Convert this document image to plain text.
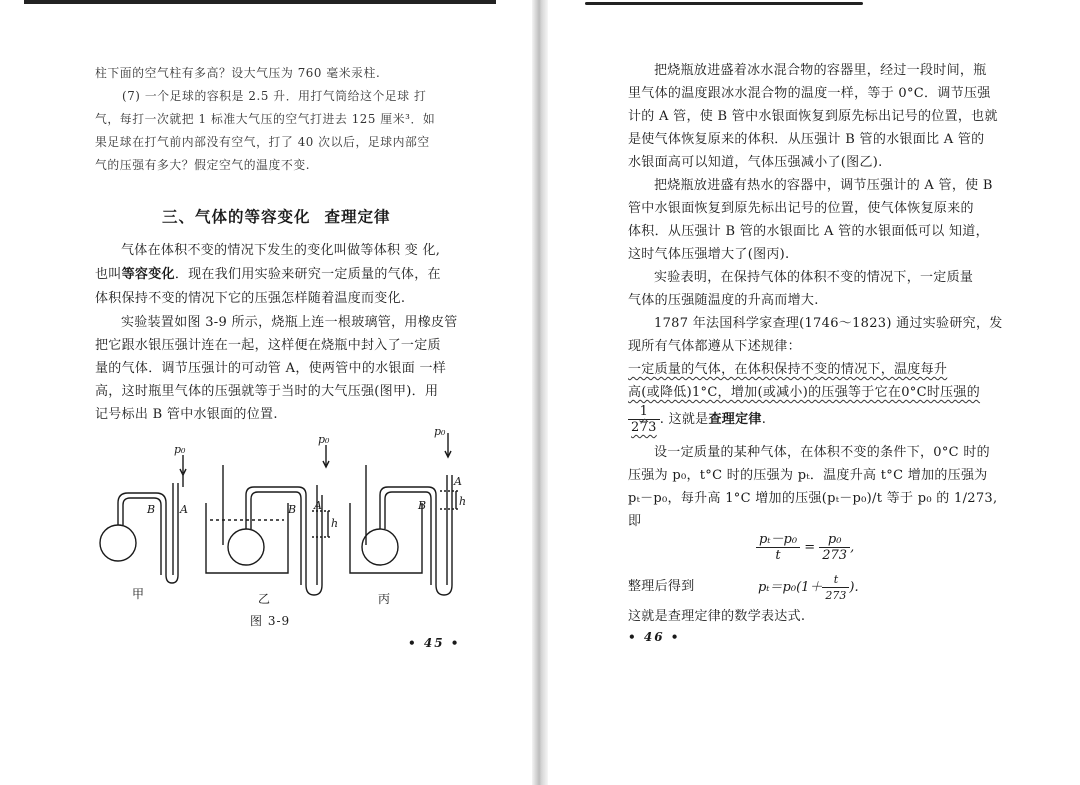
柱下面的空气柱有多高？设大气压为 760 毫米汞柱.
(7) 一个足球的容积是 2.5 升．用打气筒给这个足球 打
气，每打一次就把 1 标准大气压的空气打进去 125 厘米³．如
果足球在打气前内部没有空气，打了 40 次以后，足球内部空
气的压强有多大？假定空气的温度不变.
三、气体的等容变化 查理定律
气体在体积不变的情况下发生的变化叫做等体积 变 化,
也叫等容变化．现在我们用实验来研究一定质量的气体，在
体积保持不变的情况下它的压强怎样随着温度而变化.
实验装置如图 3-9 所示，烧瓶上连一根玻璃管，用橡皮管
把它跟水银压强计连在一起，这样便在烧瓶中封入了一定质
量的气体．调节压强计的可动管 A，使两管中的水银面 一样
高，这时瓶里气体的压强就等于当时的大气压强(图甲)．用
记号标出 B 管中水银面的位置.
B A
p₀
B A
p₀
h
B
A
p₀
h
甲	乙	丙
图 3-9
• 45 •
把烧瓶放进盛着冰水混合物的容器里，经过一段时间，瓶
里气体的温度跟冰水混合物的温度一样，等于 0°C．调节压强
计的 A 管，使 B 管中水银面恢复到原先标出记号的位置，也就
是使气体恢复原来的体积．从压强计 B 管的水银面比 A 管的
水银面高可以知道，气体压强减小了(图乙).
把烧瓶放进盛有热水的容器中，调节压强计的 A 管，使 B
管中水银面恢复到原先标出记号的位置，使气体恢复原来的
体积．从压强计 B 管的水银面比 A 管的水银面低可以 知道，
这时气体压强增大了(图丙).
实验表明，在保持气体的体积不变的情况下，一定质量
气体的压强随温度的升高而增大.
1787 年法国科学家查理(1746～1823) 通过实验研究，发
现所有气体都遵从下述规律：
一定质量的气体，在体积保持不变的情况下，温度每升
高(或降低)1°C，增加(或减小)的压强等于它在0°C时压强的
$\frac{1}{273}$ . 这就是查理定律.
设一定质量的某种气体，在体积不变的条件下，0°C 时的
压强为 p₀，t°C 时的压强为 pₜ．温度升高 t°C 增加的压强为
pₜ－p₀，每升高 1°C 增加的压强(pₜ－p₀)/t 等于 p₀ 的 1/273,
即
$\frac{\text{pₜ－p₀}}{t} = \frac{\text{p₀}}{273}$ ,
整理后得到	$p_t=p_0(1+ \frac{t}{273}$ ).
这就是查理定律的数学表达式.
• 46 •
